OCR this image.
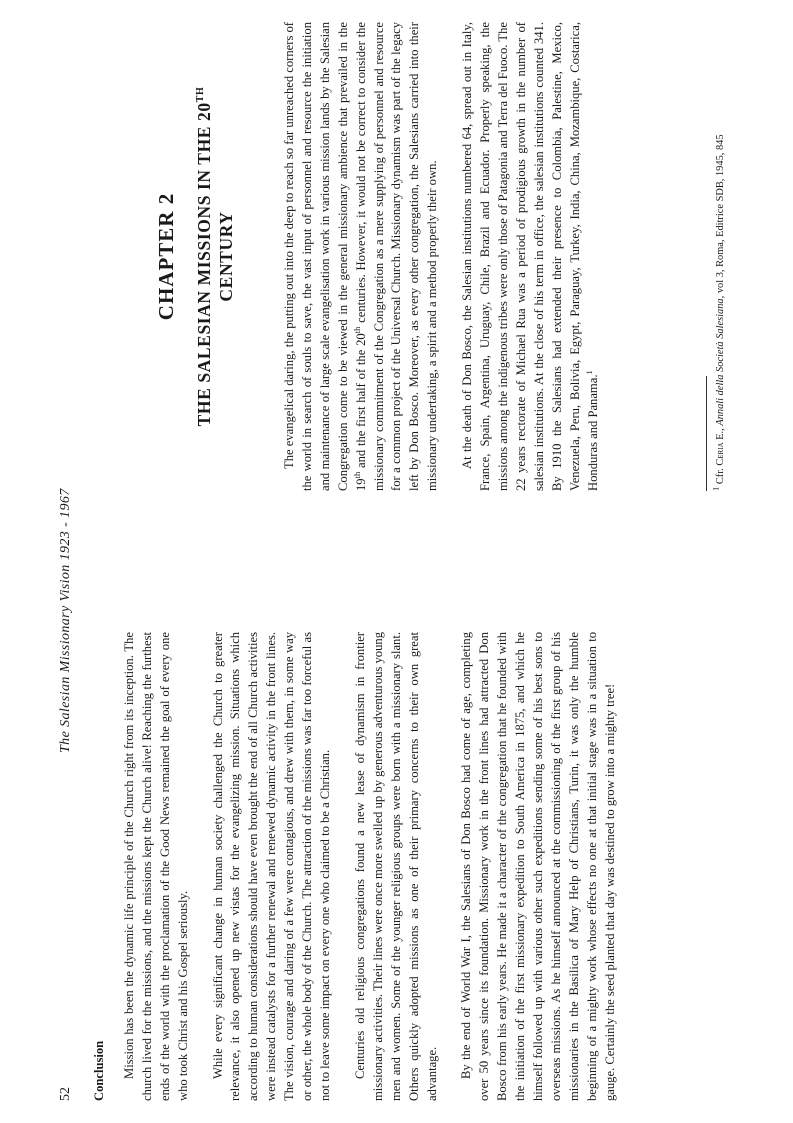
52
The Salesian Missionary Vision 1923 - 1967
Conclusion Mission has been the dynamic life principle of the Church right from its inception. The church lived for the missions, and the missions kept the Church alive! Reaching the furthest ends of the world with the proclamation of the Good News remained the goal of every one who took Christ and his Gospel seriously. While every significant change in human society challenged the Church to greater relevance, it also opened up new vistas for the evangelizing mission. Situations which according to human considerations should have even brought the end of all Church activities were instead catalysts for a further renewal and renewed dynamic activity in the front lines. The vision, courage and daring of a few were contagious, and drew with them, in some way or other, the whole body of the Church. The attraction of the missions was far too forceful as not to leave some impact on every one who claimed to be a Christian. Centuries old religious congregations found a new lease of dynamism in frontier missionary activities. Their lines were once more swelled up by generous adventurous young men and women. Some of the younger religious groups were born with a missionary slant. Others quickly adopted missions as one of their primary concerns to their own great advantage. By the end of World War I, the Salesians of Don Bosco had come of age, completing over 50 years since its foundation. Missionary work in the front lines had attracted Don Bosco from his early years. He made it a character of the congregation that he founded with the initiation of the first missionary expedition to South America in 1875, and which he himself followed up with various other such expeditions sending some of his best sons to overseas missions. As he himself announced at the commissioning of the first group of his missionaries in the Basilica of Mary Help of Christians, Turin, it was only the humble beginning of a mighty work whose effects no one at that initial stage was in a situation to gauge. Certainly the seed planted that day was destined to grow into a mighty tree!

CHAPTER 2 THE SALESIAN MISSIONS IN THE 20TH
CENTURY	The evangelical daring, the putting out into the deep to reach so far unreached corners of the world in search of souls to save, the vast input of personnel and resource the initiation and maintenance of large scale evangelisation work in various mission lands by the Salesian Congregation come to be viewed in the general missionary ambience that prevailed in the 19th and the first half of the 20th centuries. However, it would not be correct to consider the missionary commitment of the Congregation as a mere supplying of personnel and resource for a common project of the Universal Church. Missionary dynamism was part of the legacy left by Don Bosco. Moreover, as every other congregation, the Salesians carried into their missionary undertaking, a spirit and a method properly their own. At the death of Don Bosco, the Salesian institutions numbered 64, spread out in Italy, France, Spain, Argentina, Uruguay, Chile, Brazil and Ecuador. Properly speaking, the missions among the indigenous tribes were only those of Patagonia and Terra del Fuoco. The 22 years rectorate of Michael Rua was a period of prodigious growth in the number of salesian institutions. At the close of his term in office, the salesian institutions counted 341. By 1910 the Salesians had extended their presence to Colombia, Palestine, Mexico, Venezuela, Peru, Bolivia, Egypt, Paraguay, Turkey, India, China, Mozambique, Costarica, Honduras and Panama.$^1$

$^1$ Cfr. Ceria E., Annali della Società Salesiana, vol 3, Roma, Editrice SDB, 1945, 845
